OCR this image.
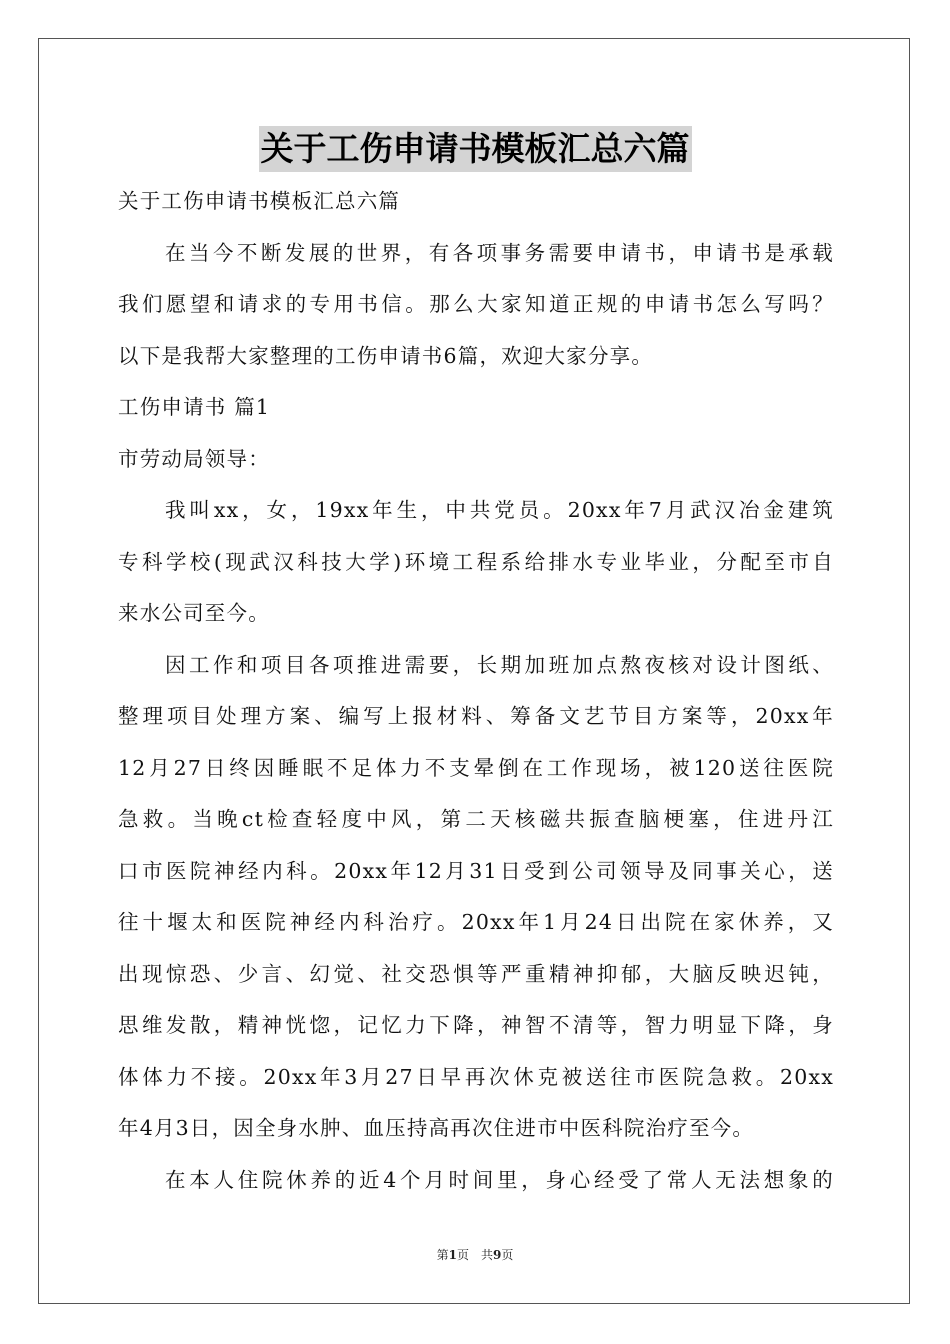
关于工伤申请书模板汇总六篇
关于工伤申请书模板汇总六篇
在当今不断发展的世界，有各项事务需要申请书，申请书是承载
我们愿望和请求的专用书信。那么大家知道正规的申请书怎么写吗？
以下是我帮大家整理的工伤申请书6篇，欢迎大家分享。
工伤申请书 篇1
市劳动局领导：
我叫xx，女，19xx年生，中共党员。20xx年7月武汉冶金建筑
专科学校(现武汉科技大学)环境工程系给排水专业毕业，分配至市自
来水公司至今。
因工作和项目各项推进需要，长期加班加点熬夜核对设计图纸、
整理项目处理方案、编写上报材料、筹备文艺节目方案等，20xx年
12月27日终因睡眠不足体力不支晕倒在工作现场，被120送往医院
急救。当晚ct检查轻度中风，第二天核磁共振查脑梗塞，住进丹江
口市医院神经内科。20xx年12月31日受到公司领导及同事关心，送
往十堰太和医院神经内科治疗。20xx年1月24日出院在家休养，又
出现惊恐、少言、幻觉、社交恐惧等严重精神抑郁，大脑反映迟钝，
思维发散，精神恍惚，记忆力下降，神智不清等，智力明显下降，身
体体力不接。20xx年3月27日早再次休克被送往市医院急救。20xx
年4月3日，因全身水肿、血压持高再次住进市中医科院治疗至今。
在本人住院休养的近4个月时间里，身心经受了常人无法想象的
第1页　共9页
